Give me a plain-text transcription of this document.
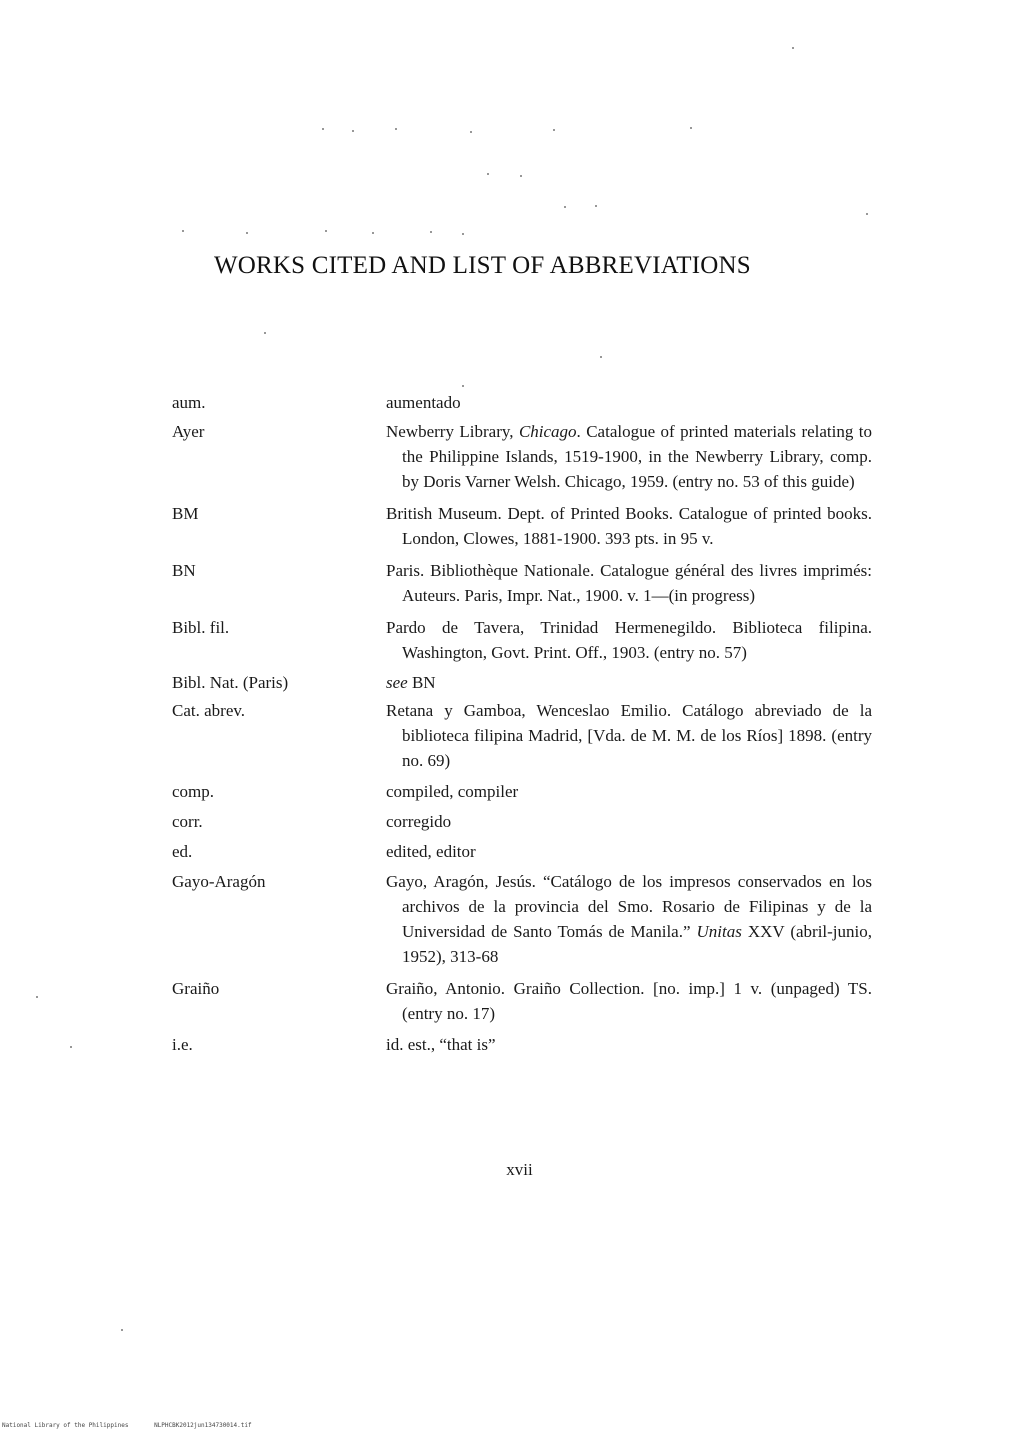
WORKS CITED AND LIST OF ABBREVIATIONS
aum.	aumentado
Ayer	Newberry Library, Chicago. Catalogue of printed materials relating to the Philippine Islands, 1519-1900, in the Newberry Library, comp. by Doris Varner Welsh. Chicago, 1959. (entry no. 53 of this guide)
BM	British Museum. Dept. of Printed Books. Catalogue of printed books. London, Clowes, 1881-1900. 393 pts. in 95 v.
BN	Paris. Bibliothèque Nationale. Catalogue général des livres imprimés: Auteurs. Paris, Impr. Nat., 1900. v. 1—(in progress)
Bibl. fil.	Pardo de Tavera, Trinidad Hermenegildo. Biblioteca filipina. Washington, Govt. Print. Off., 1903. (entry no. 57)
Bibl. Nat. (Paris)	see BN
Cat. abrev.	Retana y Gamboa, Wenceslao Emilio. Catálogo abreviado de la biblioteca filipina Madrid, [Vda. de M. M. de los Ríos] 1898. (entry no. 69)
comp.	compiled, compiler
corr.	corregido
ed.	edited, editor
Gayo-Aragón	Gayo, Aragón, Jesús. “Catálogo de los impresos conservados en los archivos de la provincia del Smo. Rosario de Filipinas y de la Universidad de Santo Tomás de Manila.” Unitas XXV (abril-junio, 1952), 313-68
Graiño	Graiño, Antonio. Graiño Collection. [no. imp.] 1 v. (unpaged) TS. (entry no. 17)
i.e.	id. est., “that is”
xvii
National Library of the Philippines	NLPHCBK2012jun134730014.tif
